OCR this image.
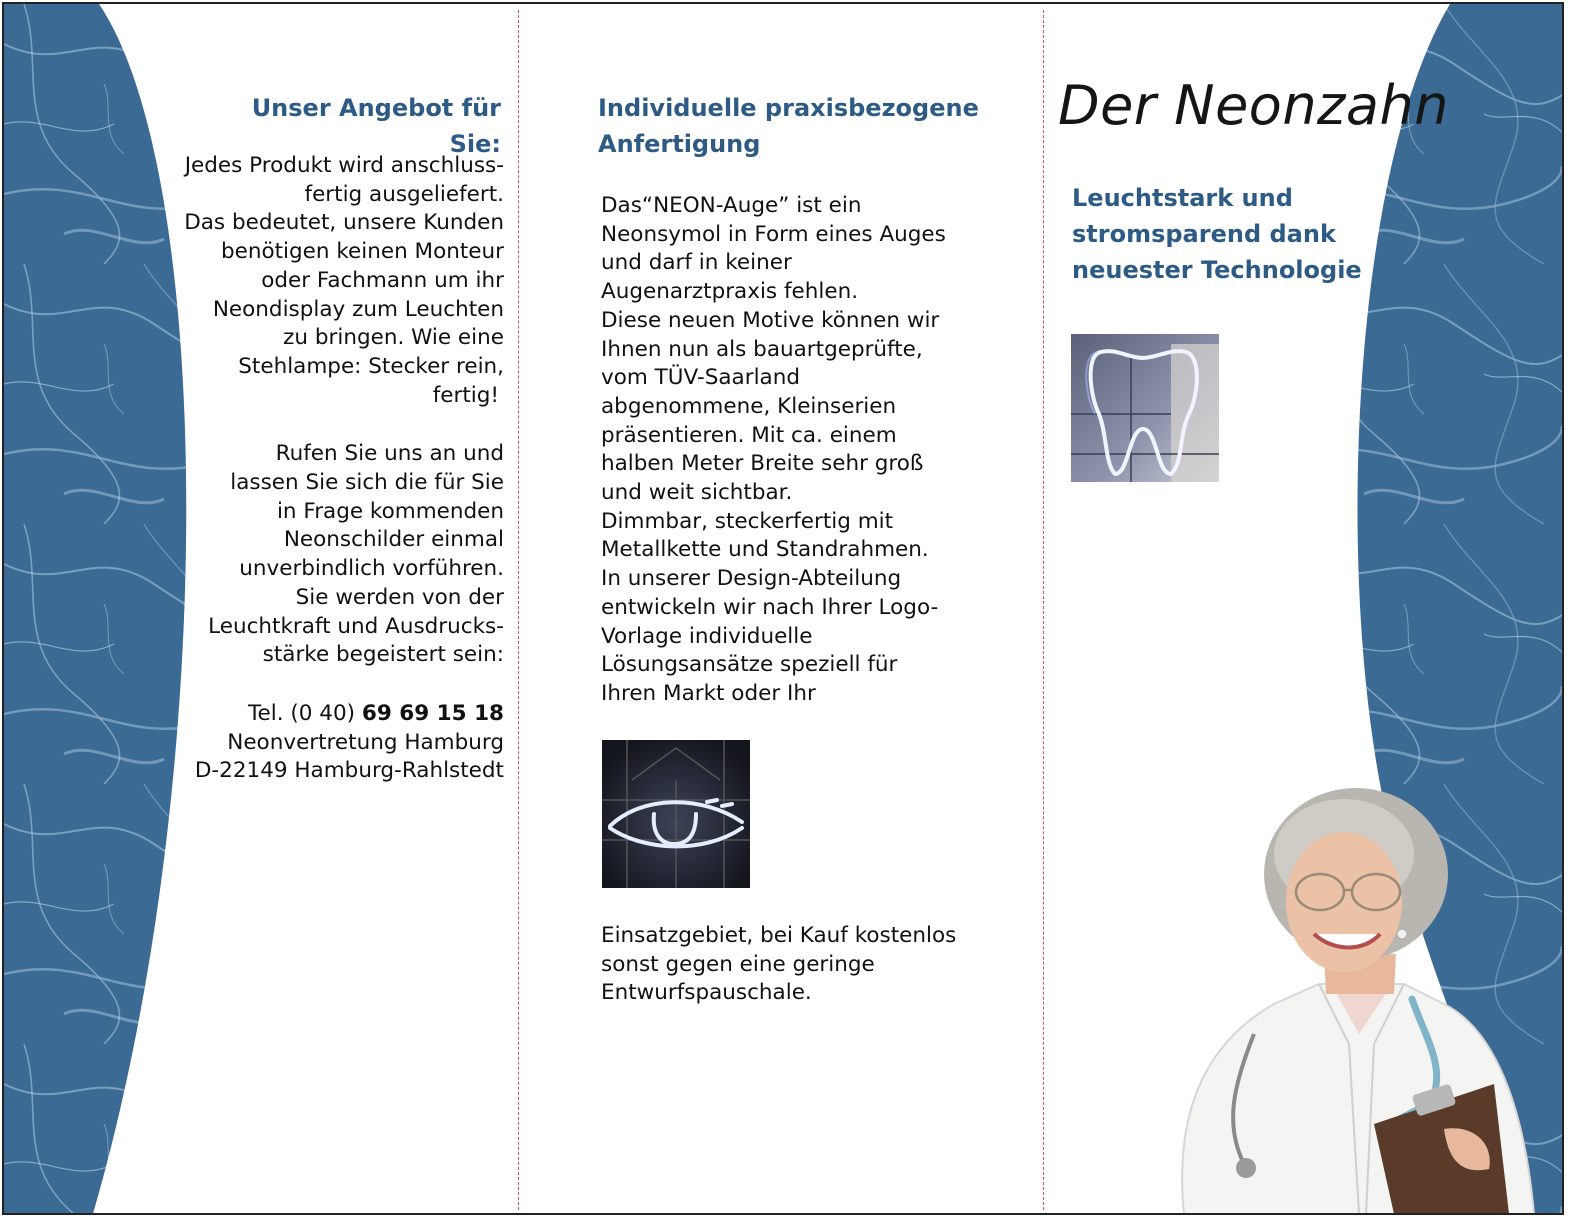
Unser Angebot für Sie:

Jedes Produkt wird anschluss-

fertig ausgeliefert.

Das bedeutet, unsere Kunden

benötigen keinen Monteur

oder Fachmann um ihr

Neondisplay zum Leuchten

zu bringen. Wie eine

Stehlampe: Stecker rein,

fertig!

Rufen Sie uns an und

lassen Sie sich die für Sie

in Frage kommenden

Neonschilder einmal

unverbindlich vorführen.

Sie werden von der

Leuchtkraft und Ausdrucks-

stärke begeistert sein:

Tel. (0 40) 69 69 15 18

Neonvertretung Hamburg

D-22149 Hamburg-Rahlstedt

Individuelle praxisbezogene
Anfertigung
Das“NEON-Auge” ist ein
Neonsymol in Form eines Auges
und darf in keiner
Augenarztpraxis fehlen.
Diese neuen Motive können wir
Ihnen nun als bauartgeprüfte,
vom TÜV-Saarland
abgenommene, Kleinserien
präsentieren. Mit ca. einem
halben Meter Breite sehr groß
und weit sichtbar.
Dimmbar, steckerfertig mit
Metallkette und Standrahmen.
In unserer Design-Abteilung
entwickeln wir nach Ihrer Logo-
Vorlage individuelle
Lösungsansätze speziell für
Ihren Markt oder Ihr
Einsatzgebiet, bei Kauf kostenlos
sonst gegen eine geringe
Entwurfspauschale.
Der Neonzahn
Leuchtstark und
stromsparend dank
neuester Technologie
